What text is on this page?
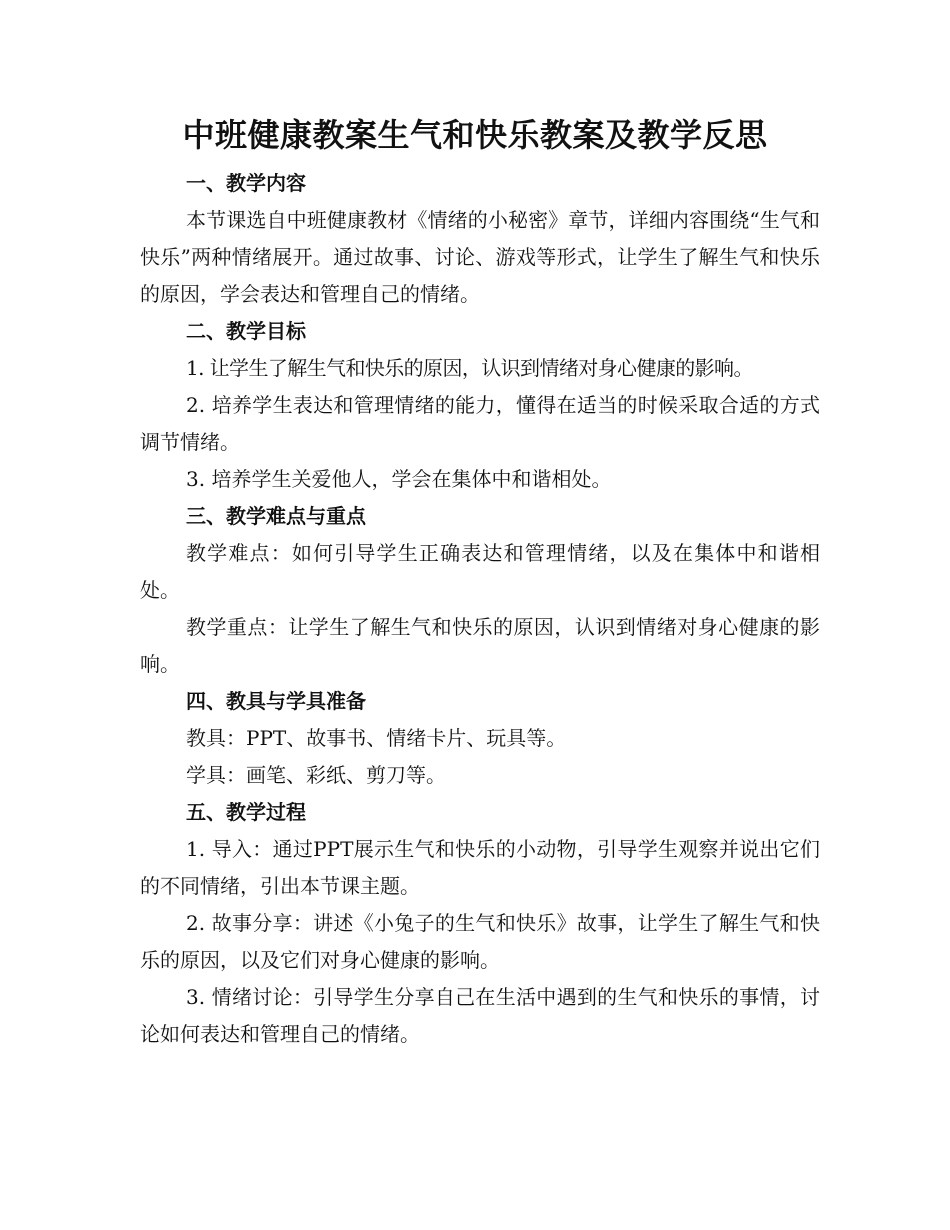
中班健康教案生气和快乐教案及教学反思
一、教学内容
本节课选自中班健康教材《情绪的小秘密》章节，详细内容围绕“生气和快乐”两种情绪展开。通过故事、讨论、游戏等形式，让学生了解生气和快乐的原因，学会表达和管理自己的情绪。
二、教学目标
1. 让学生了解生气和快乐的原因，认识到情绪对身心健康的影响。
2. 培养学生表达和管理情绪的能力，懂得在适当的时候采取合适的方式调节情绪。
3. 培养学生关爱他人，学会在集体中和谐相处。
三、教学难点与重点
教学难点：如何引导学生正确表达和管理情绪，以及在集体中和谐相处。
教学重点：让学生了解生气和快乐的原因，认识到情绪对身心健康的影响。
四、教具与学具准备
教具：PPT、故事书、情绪卡片、玩具等。
学具：画笔、彩纸、剪刀等。
五、教学过程
1. 导入：通过PPT展示生气和快乐的小动物，引导学生观察并说出它们的不同情绪，引出本节课主题。
2. 故事分享：讲述《小兔子的生气和快乐》故事，让学生了解生气和快乐的原因，以及它们对身心健康的影响。
3. 情绪讨论：引导学生分享自己在生活中遇到的生气和快乐的事情，讨论如何表达和管理自己的情绪。
